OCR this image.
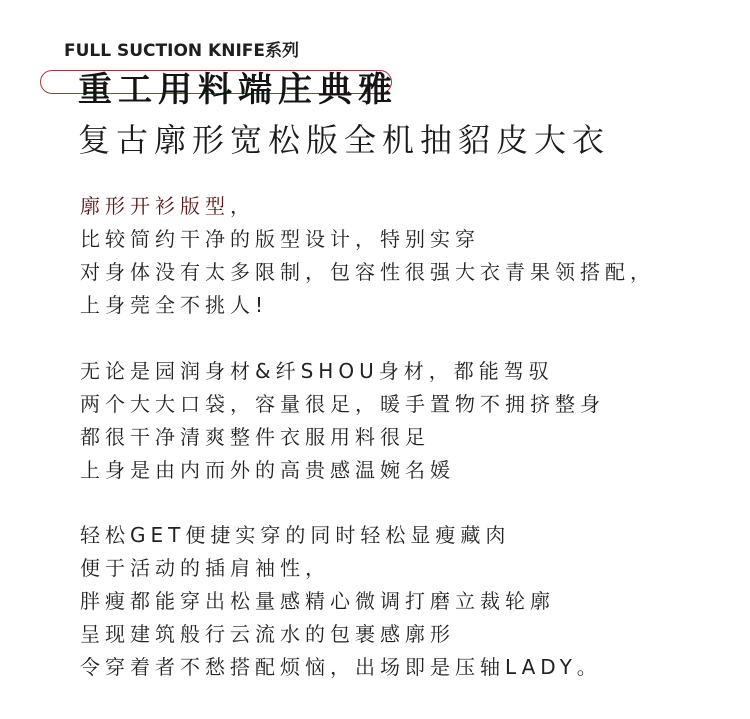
FULL SUCTION KNIFE系列
重工用料端庄典雅
复古廓形宽松版全机抽貂皮大衣
廓形开衫版型，
比较简约干净的版型设计，特别实穿
对身体没有太多限制，包容性很强大衣青果领搭配，
上身莞全不挑人!
无论是园润身材&纤SHOU身材，都能驾驭
两个大大口袋，容量很足，暖手置物不拥挤整身
都很干净清爽整件衣服用料很足
上身是由内而外的高贵感温婉名媛
轻松GET便捷实穿的同时轻松显瘦藏肉
便于活动的插肩袖性，
胖瘦都能穿出松量感精心微调打磨立裁轮廓
呈现建筑般行云流水的包裹感廓形
令穿着者不愁搭配烦恼，出场即是压轴LADY。
